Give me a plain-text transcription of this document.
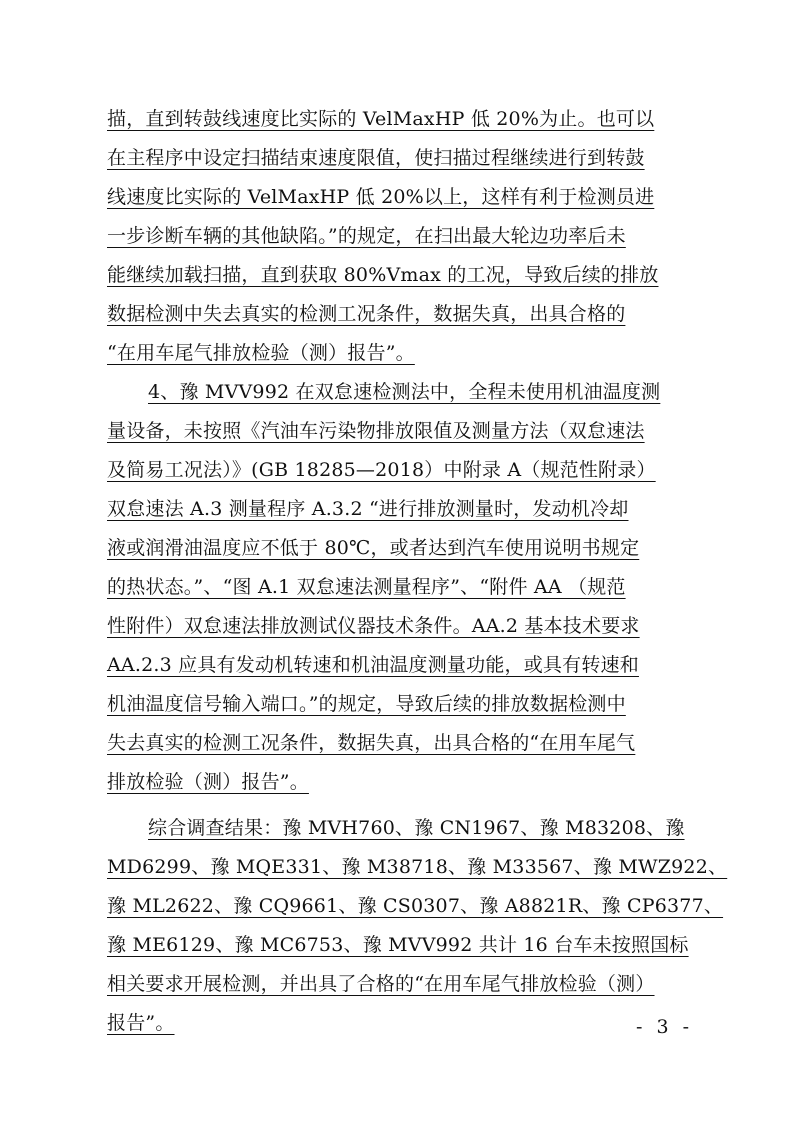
描，直到转鼓线速度比实际的 VelMaxHP 低 20%为止。也可以
在主程序中设定扫描结束速度限值，使扫描过程继续进行到转鼓
线速度比实际的 VelMaxHP 低 20%以上，这样有利于检测员进
一步诊断车辆的其他缺陷。”的规定，在扫出最大轮边功率后未
能继续加载扫描，直到获取 80%Vmax 的工况，导致后续的排放
数据检测中失去真实的检测工况条件，数据失真，出具合格的
“在用车尾气排放检验（测）报告”。
4、豫 MVV992 在双怠速检测法中，全程未使用机油温度测
量设备，未按照《汽油车污染物排放限值及测量方法（双怠速法
及简易工况法）》(GB 18285—2018）中附录 A（规范性附录）
双怠速法 A.3 测量程序 A.3.2 “进行排放测量时，发动机冷却
液或润滑油温度应不低于 80℃，或者达到汽车使用说明书规定
的热状态。”、“图 A.1 双怠速法测量程序”、“附件 AA （规范
性附件）双怠速法排放测试仪器技术条件。AA.2 基本技术要求
AA.2.3 应具有发动机转速和机油温度测量功能，或具有转速和
机油温度信号输入端口。”的规定，导致后续的排放数据检测中
失去真实的检测工况条件，数据失真，出具合格的“在用车尾气
排放检验（测）报告”。
综合调查结果：豫 MVH760、豫 CN1967、豫 M83208、豫
MD6299、豫 MQE331、豫 M38718、豫 M33567、豫 MWZ922、
豫 ML2622、豫 CQ9661、豫 CS0307、豫 A8821R、豫 CP6377、
豫 ME6129、豫 MC6753、豫 MVV992 共计 16 台车未按照国标
相关要求开展检测，并出具了合格的“在用车尾气排放检验（测）
报告”。	- 3 -
